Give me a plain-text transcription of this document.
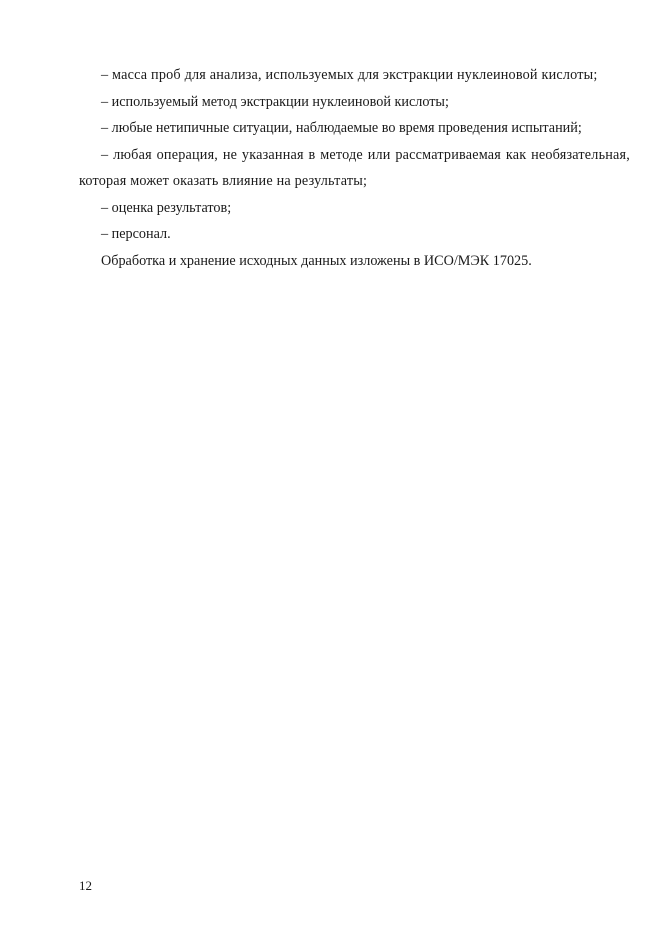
– масса проб для анализа, используемых для экстракции нуклеиновой кислоты;

– используемый метод экстракции нуклеиновой кислоты;

– любые нетипичные ситуации, наблюдаемые во время проведения испытаний;

– любая операция, не указанная в методе или рассматриваемая как необязательная, которая может оказать влияние на результаты;

– оценка результатов;

– персонал.

Обработка и хранение исходных данных изложены в ИСО/МЭК 17025.

12
